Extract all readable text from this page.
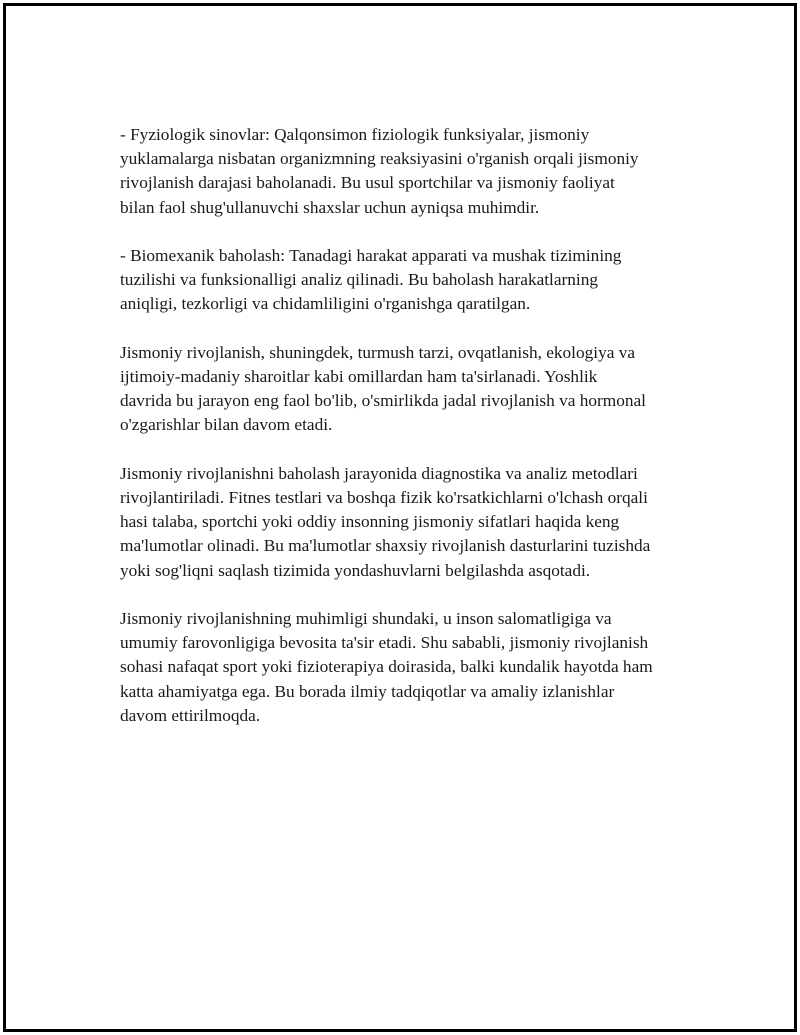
- Fyziologik sinovlar: Qalqonsimon fiziologik funksiyalar, jismoniy
yuklamalarga nisbatan organizmning reaksiyasini o'rganish orqali jismoniy
rivojlanish darajasi baholanadi. Bu usul sportchilar va jismoniy faoliyat
bilan faol shug'ullanuvchi shaxslar uchun ayniqsa muhimdir.

- Biomexanik baholash: Tanadagi harakat apparati va mushak tizimining
tuzilishi va funksionalligi analiz qilinadi. Bu baholash harakatlarning
aniqligi, tezkorligi va chidamliligini o'rganishga qaratilgan.

Jismoniy rivojlanish, shuningdek, turmush tarzi, ovqatlanish, ekologiya va
ijtimoiy-madaniy sharoitlar kabi omillardan ham ta'sirlanadi. Yoshlik
davrida bu jarayon eng faol bo'lib, o'smirlikda jadal rivojlanish va hormonal
o'zgarishlar bilan davom etadi.

Jismoniy rivojlanishni baholash jarayonida diagnostika va analiz metodlari
rivojlantiriladi. Fitnes testlari va boshqa fizik ko'rsatkichlarni o'lchash orqali
hasi talaba, sportchi yoki oddiy insonning jismoniy sifatlari haqida keng
ma'lumotlar olinadi. Bu ma'lumotlar shaxsiy rivojlanish dasturlarini tuzishda
yoki sog'liqni saqlash tizimida yondashuvlarni belgilashda asqotadi.

Jismoniy rivojlanishning muhimligi shundaki, u inson salomatligiga va
umumiy farovonligiga bevosita ta'sir etadi. Shu sababli, jismoniy rivojlanish
sohasi nafaqat sport yoki fizioterapiya doirasida, balki kundalik hayotda ham
katta ahamiyatga ega. Bu borada ilmiy tadqiqotlar va amaliy izlanishlar
davom ettirilmoqda.
